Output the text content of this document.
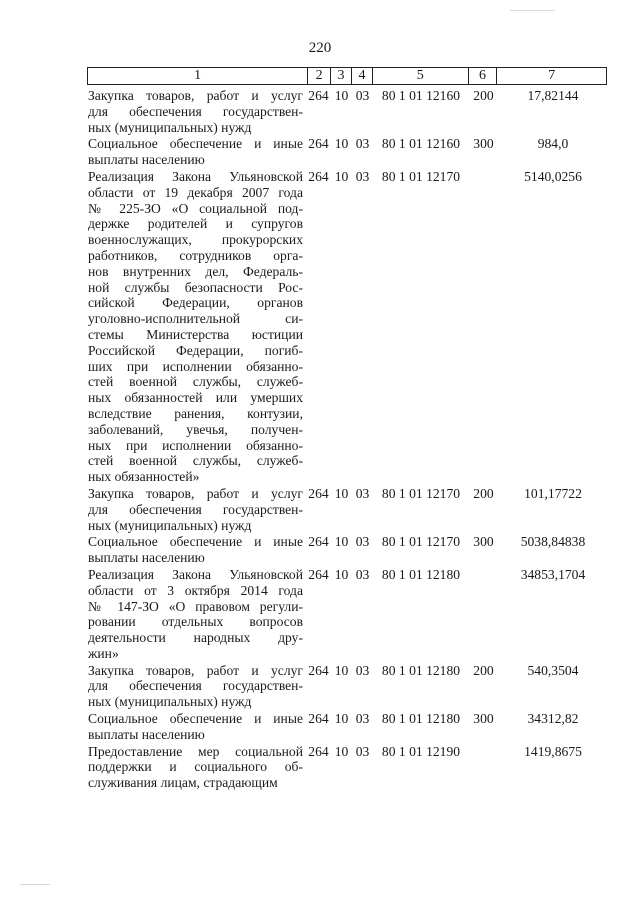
220
1	2	3 4	5	6	7
Закупка товаров, работ и услуг
для обеспечения государствен-
ных (муниципальных) нужд
264 10 03 80 1 01 12160 200	17,82144
Социальное обеспечение и иные
выплаты населению
264 10 03 80 1 01 12160 300	984,0
Реализация Закона Ульяновской
области от 19 декабря 2007 года
№ 225-ЗО «О социальной под-
держке родителей и супругов
военнослужащих, прокурорских
работников, сотрудников орга-
нов внутренних дел, Федераль-
ной службы безопасности Рос-
сийской Федерации, органов
уголовно-исполнительной си-
стемы Министерства юстиции
Российской Федерации, погиб-
ших при исполнении обязанно-
стей военной службы, служеб-
ных обязанностей или умерших
вследствие ранения, контузии,
заболеваний, увечья, получен-
ных при исполнении обязанно-
стей военной службы, служеб-
ных обязанностей»
264 10 03 80 1 01 12170	5140,0256
Закупка товаров, работ и услуг
для обеспечения государствен-
ных (муниципальных) нужд
264 10 03 80 1 01 12170 200	101,17722
Социальное обеспечение и иные
выплаты населению
264 10 03 80 1 01 12170 300	5038,84838
Реализация Закона Ульяновской
области от 3 октября 2014 года
№ 147-ЗО «О правовом регули-
ровании отдельных вопросов
деятельности народных дру-
жин»
264 10 03 80 1 01 12180	34853,1704
Закупка товаров, работ и услуг
для обеспечения государствен-
ных (муниципальных) нужд
264 10 03 80 1 01 12180 200	540,3504
Социальное обеспечение и иные
выплаты населению
264 10 03 80 1 01 12180 300	34312,82
Предоставление мер социальной
поддержки и социального об-
служивания лицам, страдающим
264 10 03 80 1 01 12190	1419,8675
